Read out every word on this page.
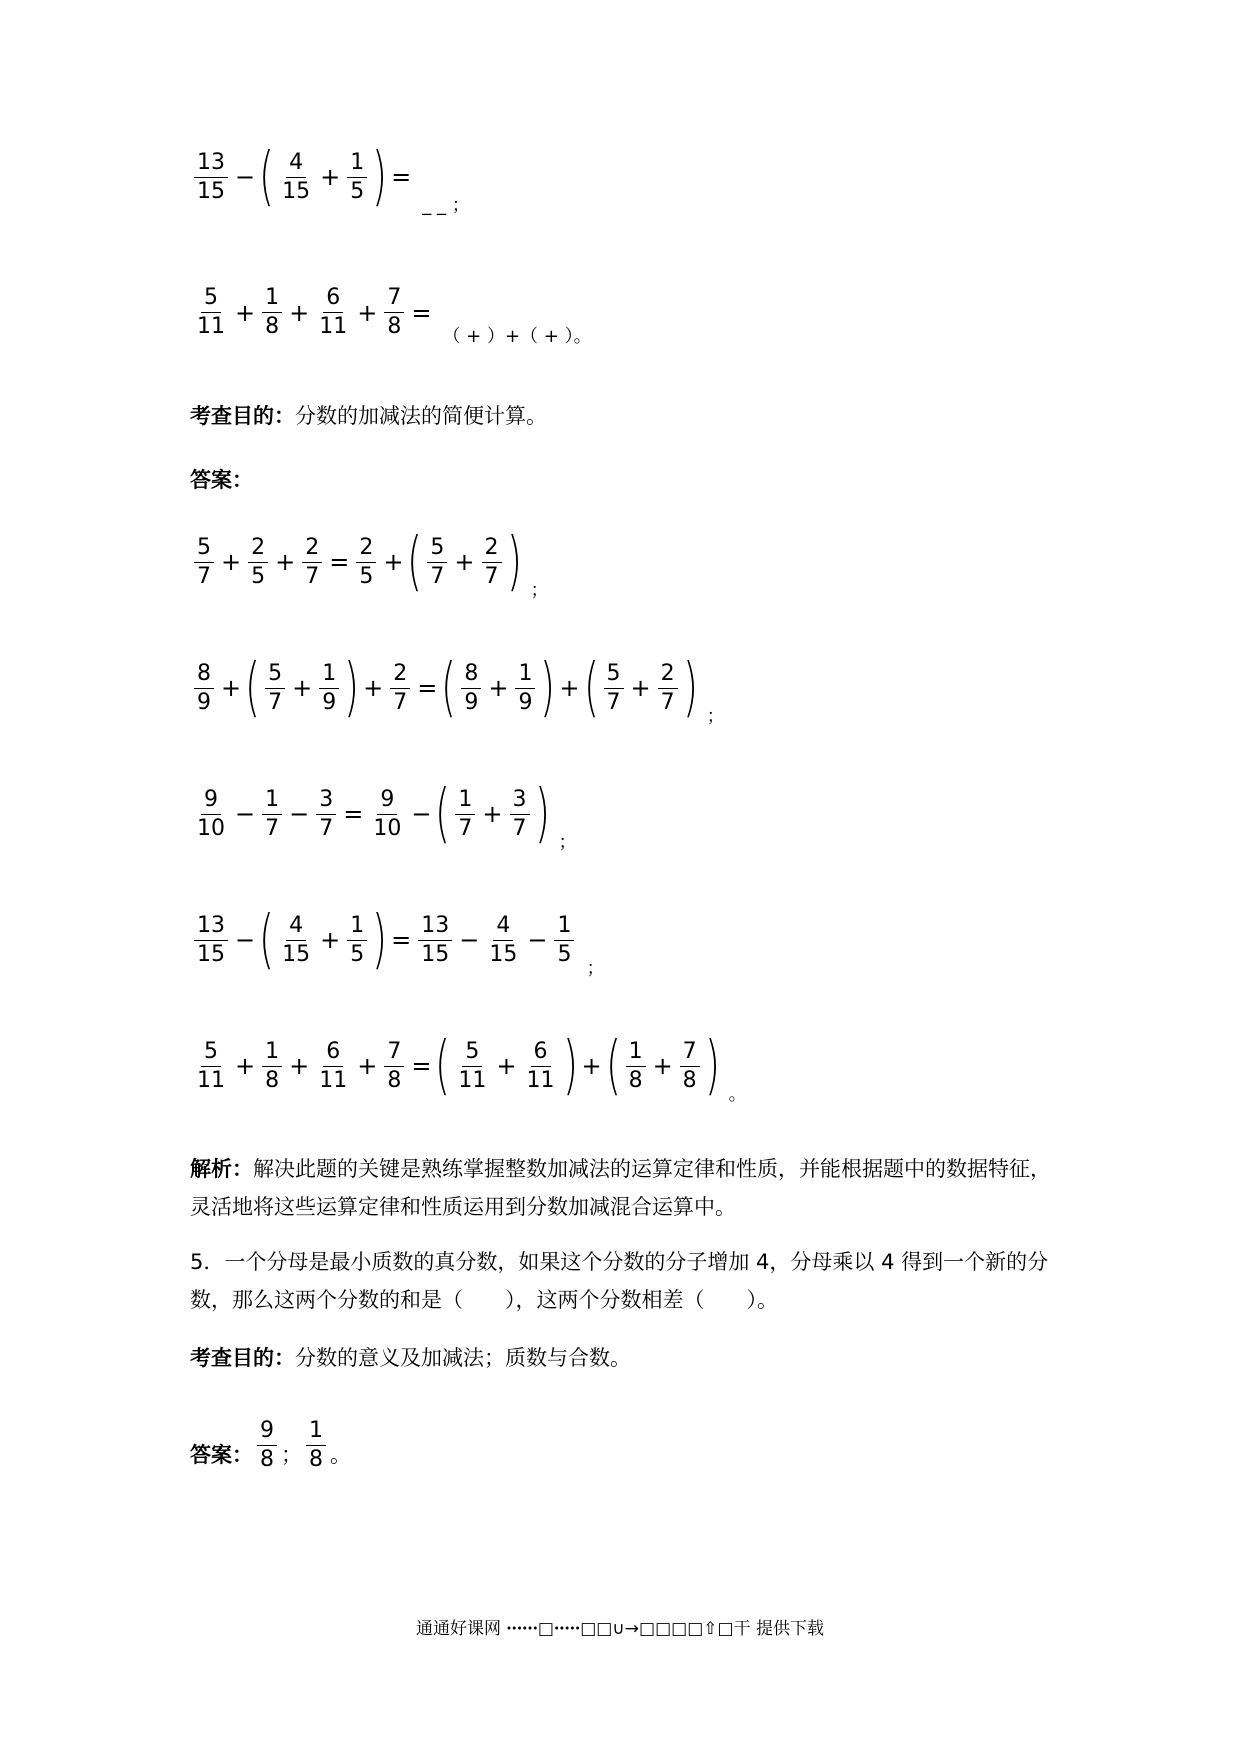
$\frac{13}{15}$ − ( $\frac{4}{15} + \frac{1}{5}$ ) =
_ _ ；
$\frac{5}{11} + \frac{1}{8} + \frac{6}{11} + \frac{7}{8}$ =
（ + ）+（ + ）。
考查目的： 分数的加减法的简便计算。
答案：
$\frac{5}{7} + \frac{2}{5} + \frac{2}{7} = \frac{2}{5}$ + ( $\frac{5}{7} + \frac{2}{7}$ ) ；
$\frac{8}{9}$ + ( $\frac{5}{7} + \frac{1}{9}$ ) + $\frac{2}{7}$ = ( $\frac{8}{9} + \frac{1}{9}$ ) + ( $\frac{5}{7} + \frac{2}{7}$ ) ；
$\frac{9}{10} - \frac{1}{7} - \frac{3}{7} = \frac{9}{10}$ − ( $\frac{1}{7} + \frac{3}{7}$ ) ；
$\frac{13}{15}$ − ( $\frac{4}{15} + \frac{1}{5}$ ) = $\frac{13}{15} - \frac{4}{15} - \frac{1}{5}$
；
$\frac{5}{11} + \frac{1}{8} + \frac{6}{11} + \frac{7}{8}$ = ( $\frac{5}{11} + \frac{6}{11}$ ) + ( $\frac{1}{8} + \frac{7}{8}$ ) 。
解析：解决此题的关键是熟练掌握整数加减法的运算定律和性质，并能根据题中的数据特征，灵活地将这些运算定律和性质运用到分数加减混合运算中。
5．一个分母是最小质数的真分数，如果这个分数的分子增加 4，分母乘以 4 得到一个新的分数，那么这两个分数的和是（　　），这两个分数相差（　　）。
考查目的： 分数的意义及加减法；质数与合数。
答案： $\frac{9}{8}$ ； $\frac{1}{8}$ 。
通通好课网 ꞏꞏꞏꞏꞏꞏ□ꞏꞏꞏꞏꞏ□□∪→□□□□⇧□干 提供下载
